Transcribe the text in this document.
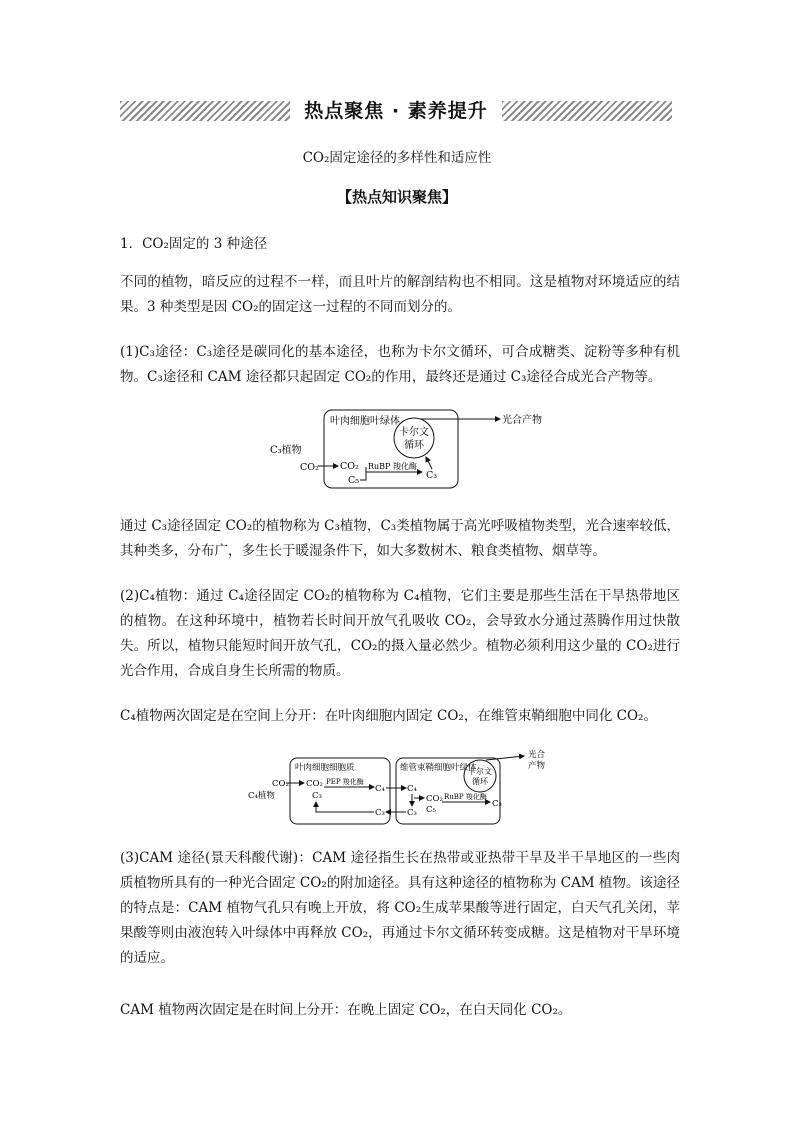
热点聚焦 · 素养提升
CO₂固定途径的多样性和适应性
【热点知识聚焦】
1．CO₂固定的 3 种途径

不同的植物，暗反应的过程不一样，而且叶片的解剖结构也不相同。这是植物对环境适应的结果。3 种类型是因 CO₂的固定这一过程的不同而划分的。

(1)C₃途径：C₃途径是碳同化的基本途径，也称为卡尔文循环，可合成糖类、淀粉等多种有机物。C₃途径和 CAM 途径都只起固定 CO₂的作用，最终还是通过 C₃途径合成光合产物等。

叶肉细胞叶绿体
卡尔文
循环
光合产物
C₃植物
CO₂ CO₂
C₅
RuBP 羧化酶
C₃

通过 C₃途径固定 CO₂的植物称为 C₃植物，C₃类植物属于高光呼吸植物类型，光合速率较低，其种类多，分布广，多生长于暖湿条件下，如大多数树木、粮食类植物、烟草等。

(2)C₄植物：通过 C₄途径固定 CO₂的植物称为 C₄植物，它们主要是那些生活在干旱热带地区的植物。在这种环境中，植物若长时间开放气孔吸收 CO₂，会导致水分通过蒸腾作用过快散失。所以，植物只能短时间开放气孔，CO₂的摄入量必然少。植物必须利用这少量的 CO₂进行光合作用，合成自身生长所需的物质。

C₄植物两次固定是在空间上分开：在叶肉细胞内固定 CO₂，在维管束鞘细胞中同化 CO₂。
叶肉细胞细胞质	维管束鞘细胞叶绿体
C₄植物
CO₂ CO₂
C₃
PEP 羧化酶
C₄
C₃
C₄
C₃
CO₂
C₅
RuBP 羧化酶
C₃
卡尔文
循环
光合
产物

(3)CAM 途径(景天科酸代谢)：CAM 途径指生长在热带或亚热带干旱及半干旱地区的一些肉质植物所具有的一种光合固定 CO₂的附加途径。具有这种途径的植物称为 CAM 植物。该途径的特点是：CAM 植物气孔只有晚上开放，将 CO₂生成苹果酸等进行固定，白天气孔关闭，苹果酸等则由液泡转入叶绿体中再释放 CO₂，再通过卡尔文循环转变成糖。这是植物对干旱环境的适应。

CAM 植物两次固定是在时间上分开：在晚上固定 CO₂，在白天同化 CO₂。
